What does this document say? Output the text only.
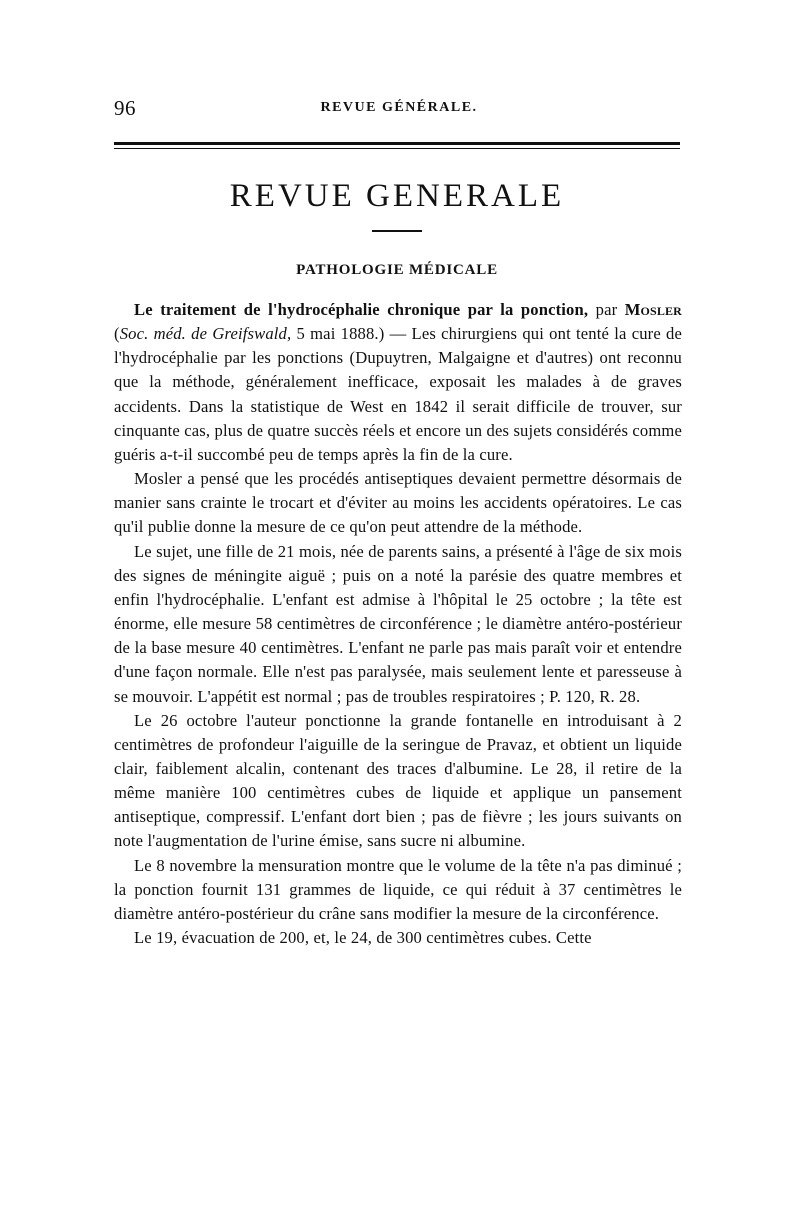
96	REVUE GÉNÉRALE.
REVUE GENERALE
PATHOLOGIE MÉDICALE

Le traitement de l'hydrocéphalie chronique par la ponction, par Mosler (Soc. méd. de Greifswald, 5 mai 1888.) — Les chirurgiens qui ont tenté la cure de l'hydrocéphalie par les ponctions (Dupuytren, Malgaigne et d'autres) ont reconnu que la méthode, généralement inefficace, exposait les malades à de graves accidents. Dans la statistique de West en 1842 il serait difficile de trouver, sur cinquante cas, plus de quatre succès réels et encore un des sujets considérés comme guéris a-t-il succombé peu de temps après la fin de la cure.

Mosler a pensé que les procédés antiseptiques devaient permettre désormais de manier sans crainte le trocart et d'éviter au moins les accidents opératoires. Le cas qu'il publie donne la mesure de ce qu'on peut attendre de la méthode.

Le sujet, une fille de 21 mois, née de parents sains, a présenté à l'âge de six mois des signes de méningite aiguë ; puis on a noté la parésie des quatre membres et enfin l'hydrocéphalie. L'enfant est admise à l'hôpital le 25 octobre ; la tête est énorme, elle mesure 58 centimètres de circonférence ; le diamètre antéro-postérieur de la base mesure 40 centimètres. L'enfant ne parle pas mais paraît voir et entendre d'une façon normale. Elle n'est pas paralysée, mais seulement lente et paresseuse à se mouvoir. L'appétit est normal ; pas de troubles respiratoires ; P. 120, R. 28.

Le 26 octobre l'auteur ponctionne la grande fontanelle en introduisant à 2 centimètres de profondeur l'aiguille de la seringue de Pravaz, et obtient un liquide clair, faiblement alcalin, contenant des traces d'albumine. Le 28, il retire de la même manière 100 centimètres cubes de liquide et applique un pansement antiseptique, compressif. L'enfant dort bien ; pas de fièvre ; les jours suivants on note l'augmentation de l'urine émise, sans sucre ni albumine.

Le 8 novembre la mensuration montre que le volume de la tête n'a pas diminué ; la ponction fournit 131 grammes de liquide, ce qui réduit à 37 centimètres le diamètre antéro-postérieur du crâne sans modifier la mesure de la circonférence.

Le 19, évacuation de 200, et, le 24, de 300 centimètres cubes. Cette
